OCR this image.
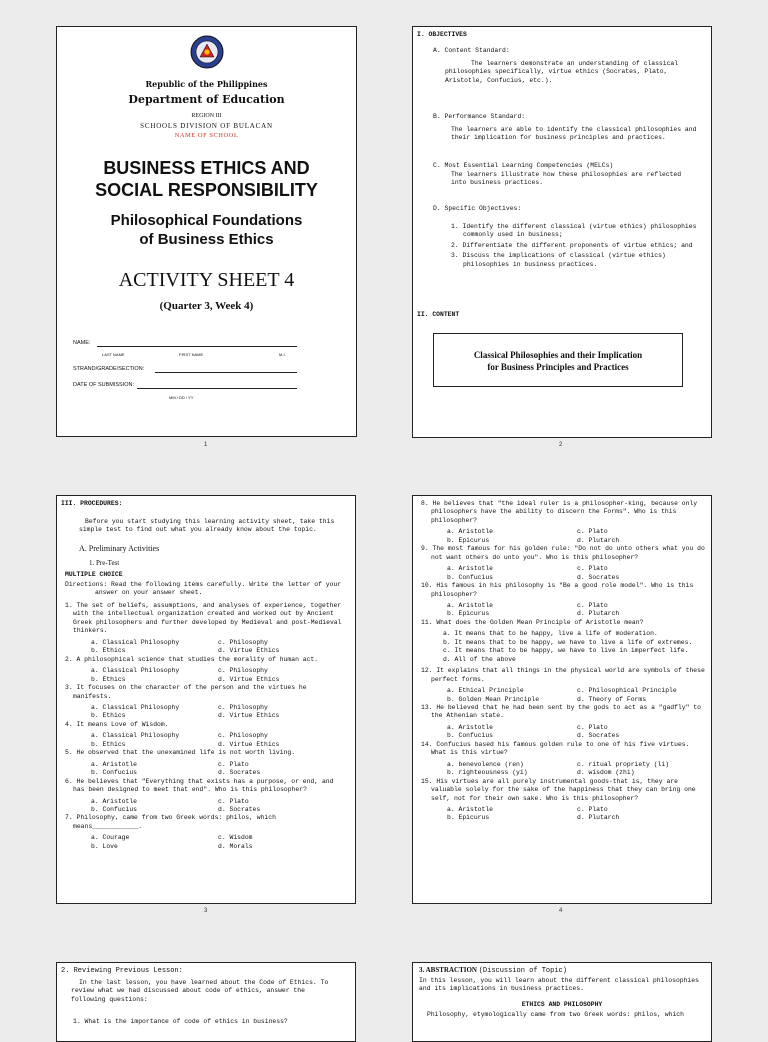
Republic of the Philippines
Department of Education
REGION III
SCHOOLS DIVISION OF BULACAN
NAME OF SCHOOL
BUSINESS ETHICS AND
SOCIAL RESPONSIBILITY
Philosophical Foundations
of Business Ethics
ACTIVITY SHEET 4
(Quarter 3, Week 4)
NAME:
LAST NAME	FIRST NAME	M.I.
STRAND/GRADE/SECTION:
DATE OF SUBMISSION:
MM / DD / YY
1
I. OBJECTIVES
A. Content Standard:
The learners demonstrate an understanding of classical philosophies specifically, virtue ethics (Socrates, Plato, Aristotle, Confucius, etc.).
B. Performance Standard:
The learners are able to identify the classical philosophies and their implication for business principles and practices.
C. Most Essential Learning Competencies (MELCs)
The learners illustrate how these philosophies are reflected into business practices.
D. Specific Objectives:
1. Identify the different classical (virtue ethics) philosophies commonly used in business;
2. Differentiate the different proponents of virtue ethics; and
3. Discuss the implications of classical (virtue ethics) philosophies in business practices.
II. CONTENT
Classical Philosophies and their Implication
for Business Principles and Practices
2
III. PROCEDURES:
Before you start studying this learning activity sheet, take this simple test to find out what you already know about the topic.
A. Preliminary Activities
1. Pre-Test
MULTIPLE CHOICE
Directions: Read the following items carefully. Write the letter of your answer on your answer sheet.
1. The set of beliefs, assumptions, and analyses of experience, together with the intellectual organization created and worked out by Ancient Greek philosophers and further developed by Medieval and post-Medieval thinkers.
a. Classical Philosophy	c. Philosophy
b. Ethics	d. Virtue Ethics
2. A philosophical science that studies the morality of human act.
a. Classical Philosophy	c. Philosophy
b. Ethics	d. Virtue Ethics
3. It focuses on the character of the person and the virtues he manifests.
a. Classical Philosophy	c. Philosophy
b. Ethics	d. Virtue Ethics
4. It means Love of Wisdom.
a. Classical Philosophy	c. Philosophy
b. Ethics	d. Virtue Ethics
5. He observed that the unexamined life is not worth living.
a. Aristotle	c. Plato
b. Confucius	d. Socrates
6. He believes that "Everything that exists has a purpose, or end, and has been designed to meet that end". Who is this philosopher?
a. Aristotle	c. Plato
b. Confucius	d. Socrates
7. Philosophy, came from two Greek words: philos, which means____________.
a. Courage	c. Wisdom
b. Love	d. Morals
3
8. He believes that "the ideal ruler is a philosopher-king, because only philosophers have the ability to discern the Forms". Who is this philosopher?
a. Aristotle	c. Plato
b. Epicurus	d. Plutarch
9. The most famous for his golden rule: "Do not do unto others what you do not want others do unto you". Who is this philosopher?
a. Aristotle	c. Plato
b. Confucius	d. Socrates
10. His famous in his philosophy is "Be a good role model". Who is this philosopher?
a. Aristotle	c. Plato
b. Epicurus	d. Plutarch
11. What does the Golden Mean Principle of Aristotle mean?
a. It means that to be happy, live a life of moderation.
b. It means that to be happy, we have to live a life of extremes.
c. It means that to be happy, we have to live in imperfect life.
d. All of the above
12. It explains that all things in the physical world are symbols of these perfect forms.
a. Ethical Principle	c. Philosophical Principle
b. Golden Mean Principle	d. Theory of Forms
13. He believed that he had been sent by the gods to act as a "gadfly" to the Athenian state.
a. Aristotle	c. Plato
b. Confucius	d. Socrates
14. Confucius based his famous golden rule to one of his five virtues. What is this virtue?
a. benevolence (ren)	c. ritual propriety (li)
b. righteousness (yi)	d. wisdom (zhi)
15. His virtues are all purely instrumental goods-that is, they are valuable solely for the sake of the happiness that they can bring one self, not for their own sake. Who is this philosopher?
a. Aristotle	c. Plato
b. Epicurus	d. Plutarch
4
2. Reviewing Previous Lesson:
In the last lesson, you have learned about the Code of Ethics. To review what we had discussed about code of ethics, answer the following questions:
1. What is the importance of code of ethics in business?
3. ABSTRACTION (Discussion of Topic)
In this lesson, you will learn about the different classical philosophies and its implications in business practices.
ETHICS AND PHILOSOPHY
Philosophy, etymologically came from two Greek words: philos, which
